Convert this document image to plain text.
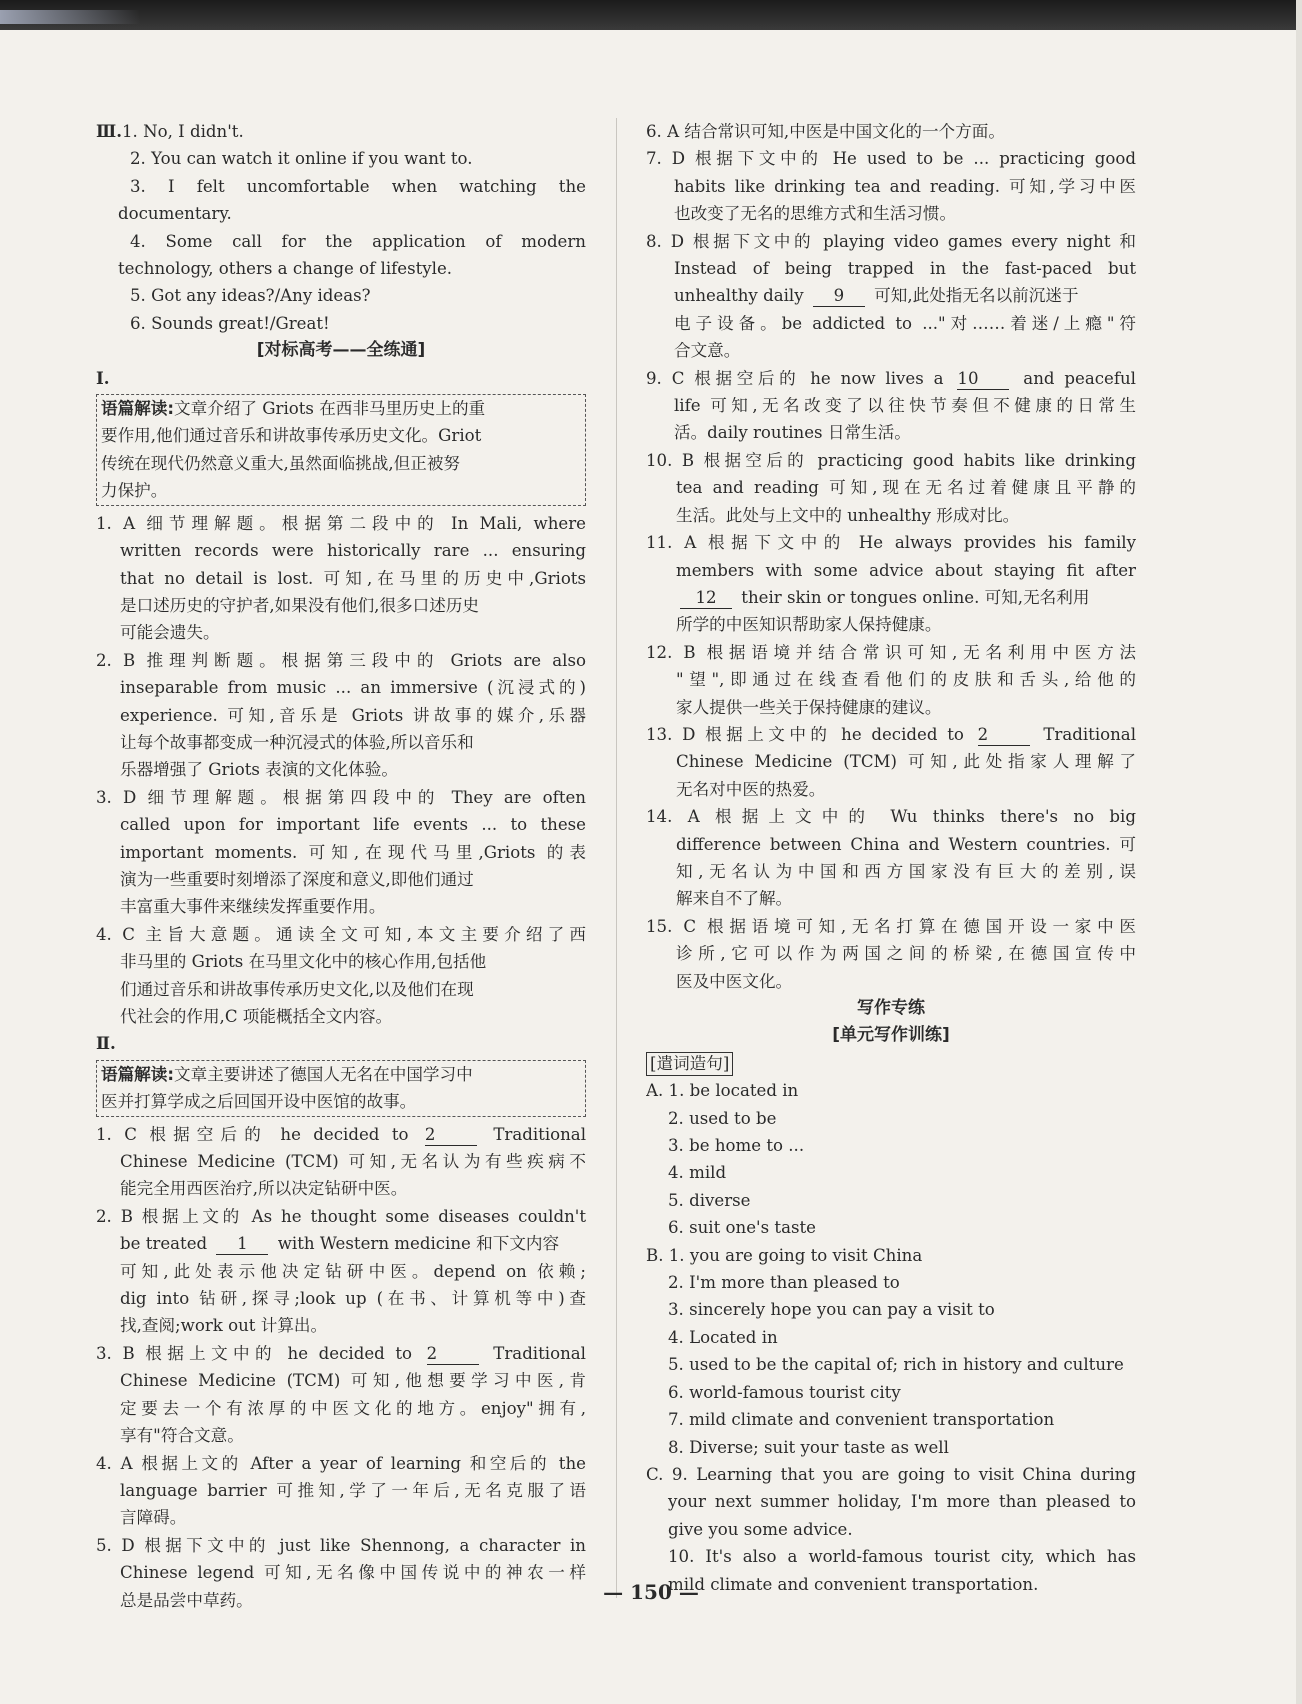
Ⅲ.1. No, I didn't.
2. You can watch it online if you want to.
3. I felt uncomfortable when watching the
documentary.
4. Some call for the application of modern
technology, others a change of lifestyle.
5. Got any ideas?/Any ideas?
6. Sounds great!/Great!
[对标高考——全练通]
Ⅰ.
语篇解读:文章介绍了 Griots 在西非马里历史上的重
要作用,他们通过音乐和讲故事传承历史文化。Griot
传统在现代仍然意义重大,虽然面临挑战,但正被努
力保护。
1. A 细节理解题。根据第二段中的 In Mali, where
written records were historically rare ... ensuring
that no detail is lost. 可知,在马里的历史中,Griots
是口述历史的守护者,如果没有他们,很多口述历史
可能会遗失。
2. B 推理判断题。根据第三段中的 Griots are also
inseparable from music ... an immersive (沉浸式的)
experience. 可知,音乐是 Griots 讲故事的媒介,乐器
让每个故事都变成一种沉浸式的体验,所以音乐和
乐器增强了 Griots 表演的文化体验。
3. D 细节理解题。根据第四段中的 They are often
called upon for important life events ... to these
important moments. 可知,在现代马里,Griots 的表
演为一些重要时刻增添了深度和意义,即他们通过
丰富重大事件来继续发挥重要作用。
4. C 主旨大意题。通读全文可知,本文主要介绍了西
非马里的 Griots 在马里文化中的核心作用,包括他
们通过音乐和讲故事传承历史文化,以及他们在现
代社会的作用,C 项能概括全文内容。
Ⅱ.
语篇解读:文章主要讲述了德国人无名在中国学习中
医并打算学成之后回国开设中医馆的故事。
1. C 根据空后的 he decided to 2	Traditional
Chinese Medicine (TCM) 可知,无名认为有些疾病不
能完全用西医治疗,所以决定钻研中医。
2. B 根据上文的 As he thought some diseases couldn't
be treated 1 with Western medicine 和下文内容
可知,此处表示他决定钻研中医。depend on 依赖;
dig into 钻研,探寻;look up (在书、计算机等中)查
找,查阅;work out 计算出。
3. B 根据上文中的 he decided to 2	Traditional
Chinese Medicine (TCM) 可知,他想要学习中医,肯
定要去一个有浓厚的中医文化的地方。enjoy"拥有,
享有"符合文意。
4. A 根据上文的 After a year of learning 和空后的 the
language barrier 可推知,学了一年后,无名克服了语
言障碍。
5. D 根据下文中的 just like Shennong, a character in
Chinese legend 可知,无名像中国传说中的神农一样
总是品尝中草药。
6. A 结合常识可知,中医是中国文化的一个方面。
7. D 根据下文中的 He used to be ... practicing good
habits like drinking tea and reading. 可知,学习中医
也改变了无名的思维方式和生活习惯。
8. D 根据下文中的 playing video games every night 和
Instead of being trapped in the fast-paced but
unhealthy daily 9 可知,此处指无名以前沉迷于
电子设备。be addicted to ..."对……着迷/上瘾"符
合文意。
9. C 根据空后的 he now lives a 10	and peaceful
life 可知,无名改变了以往快节奏但不健康的日常生
活。daily routines 日常生活。
10. B 根据空后的 practicing good habits like drinking
tea and reading 可知,现在无名过着健康且平静的
生活。此处与上文中的 unhealthy 形成对比。
11. A 根据下文中的 He always provides his family
members with some advice about staying fit after
12 their skin or tongues online. 可知,无名利用
所学的中医知识帮助家人保持健康。
12. B 根据语境并结合常识可知,无名利用中医方法
"望",即通过在线查看他们的皮肤和舌头,给他的
家人提供一些关于保持健康的建议。
13. D 根据上文中的 he decided to 2	Traditional
Chinese Medicine (TCM) 可知,此处指家人理解了
无名对中医的热爱。
14. A 根据上文中的 Wu thinks there's no big
difference between China and Western countries. 可
知,无名认为中国和西方国家没有巨大的差别,误
解来自不了解。
15. C 根据语境可知,无名打算在德国开设一家中医
诊所,它可以作为两国之间的桥梁,在德国宣传中
医及中医文化。
写作专练
[单元写作训练]
[遣词造句]
A. 1. be located in
2. used to be
3. be home to ...
4. mild
5. diverse
6. suit one's taste
B. 1. you are going to visit China
2. I'm more than pleased to
3. sincerely hope you can pay a visit to
4. Located in
5. used to be the capital of; rich in history and culture
6. world-famous tourist city
7. mild climate and convenient transportation
8. Diverse; suit your taste as well
C. 9. Learning that you are going to visit China during
your next summer holiday, I'm more than pleased to
give you some advice.
10. It's also a world-famous tourist city, which has
mild climate and convenient transportation.
— 150 —
